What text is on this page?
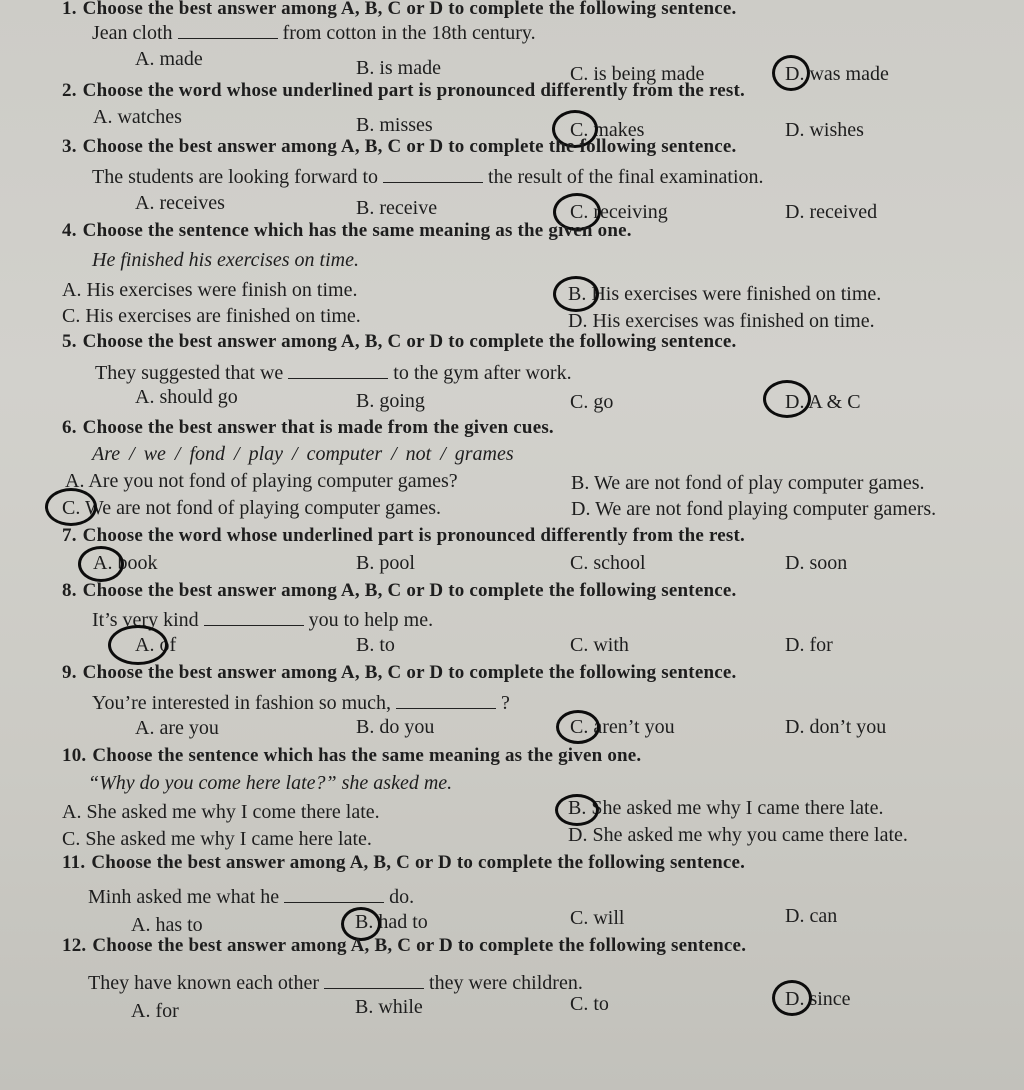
1. Choose the best answer among A, B, C or D to complete the following sentence.
Jean cloth	from cotton in the 18th century.
A. made	B. is made	C. is being made	D. was made
2. Choose the word whose underlined part is pronounced differently from the rest.
A. watches	B. misses	C. makes	D. wishes
3. Choose the best answer among A, B, C or D to complete the following sentence.
The students are looking forward to	the result of the final examination.
A. receives	B. receive	C. receiving	D. received
4. Choose the sentence which has the same meaning as the given one.
He finished his exercises on time.
A. His exercises were finish on time.	B. His exercises were finished on time.
C. His exercises are finished on time.	D. His exercises was finished on time.
5. Choose the best answer among A, B, C or D to complete the following sentence.
They suggested that we	to the gym after work.
A. should go	B. going	C. go	D. A & C
6. Choose the best answer that is made from the given cues.
Are / we / fond / play / computer / not / grames
A. Are you not fond of playing computer games?	B. We are not fond of play computer games.
C. We are not fond of playing computer games.	D. We are not fond playing computer gamers.
7. Choose the word whose underlined part is pronounced differently from the rest.
A. book	B. pool	C. school	D. soon
8. Choose the best answer among A, B, C or D to complete the following sentence.
It’s very kind	you to help me.
A. of	B. to	C. with	D. for
9. Choose the best answer among A, B, C or D to complete the following sentence.
You’re interested in fashion so much,	?
A. are you	B. do you	C. aren’t you	D. don’t you
10. Choose the sentence which has the same meaning as the given one.
“Why do you come here late?” she asked me.
A. She asked me why I come there late.	B. She asked me why I came there late.
C. She asked me why I came here late.	D. She asked me why you came there late.
11. Choose the best answer among A, B, C or D to complete the following sentence.
Minh asked me what he	do.
A. has to	B. had to	C. will	D. can
12. Choose the best answer among A, B, C or D to complete the following sentence.
They have known each other	they were children.
A. for	B. while	C. to	D. since
